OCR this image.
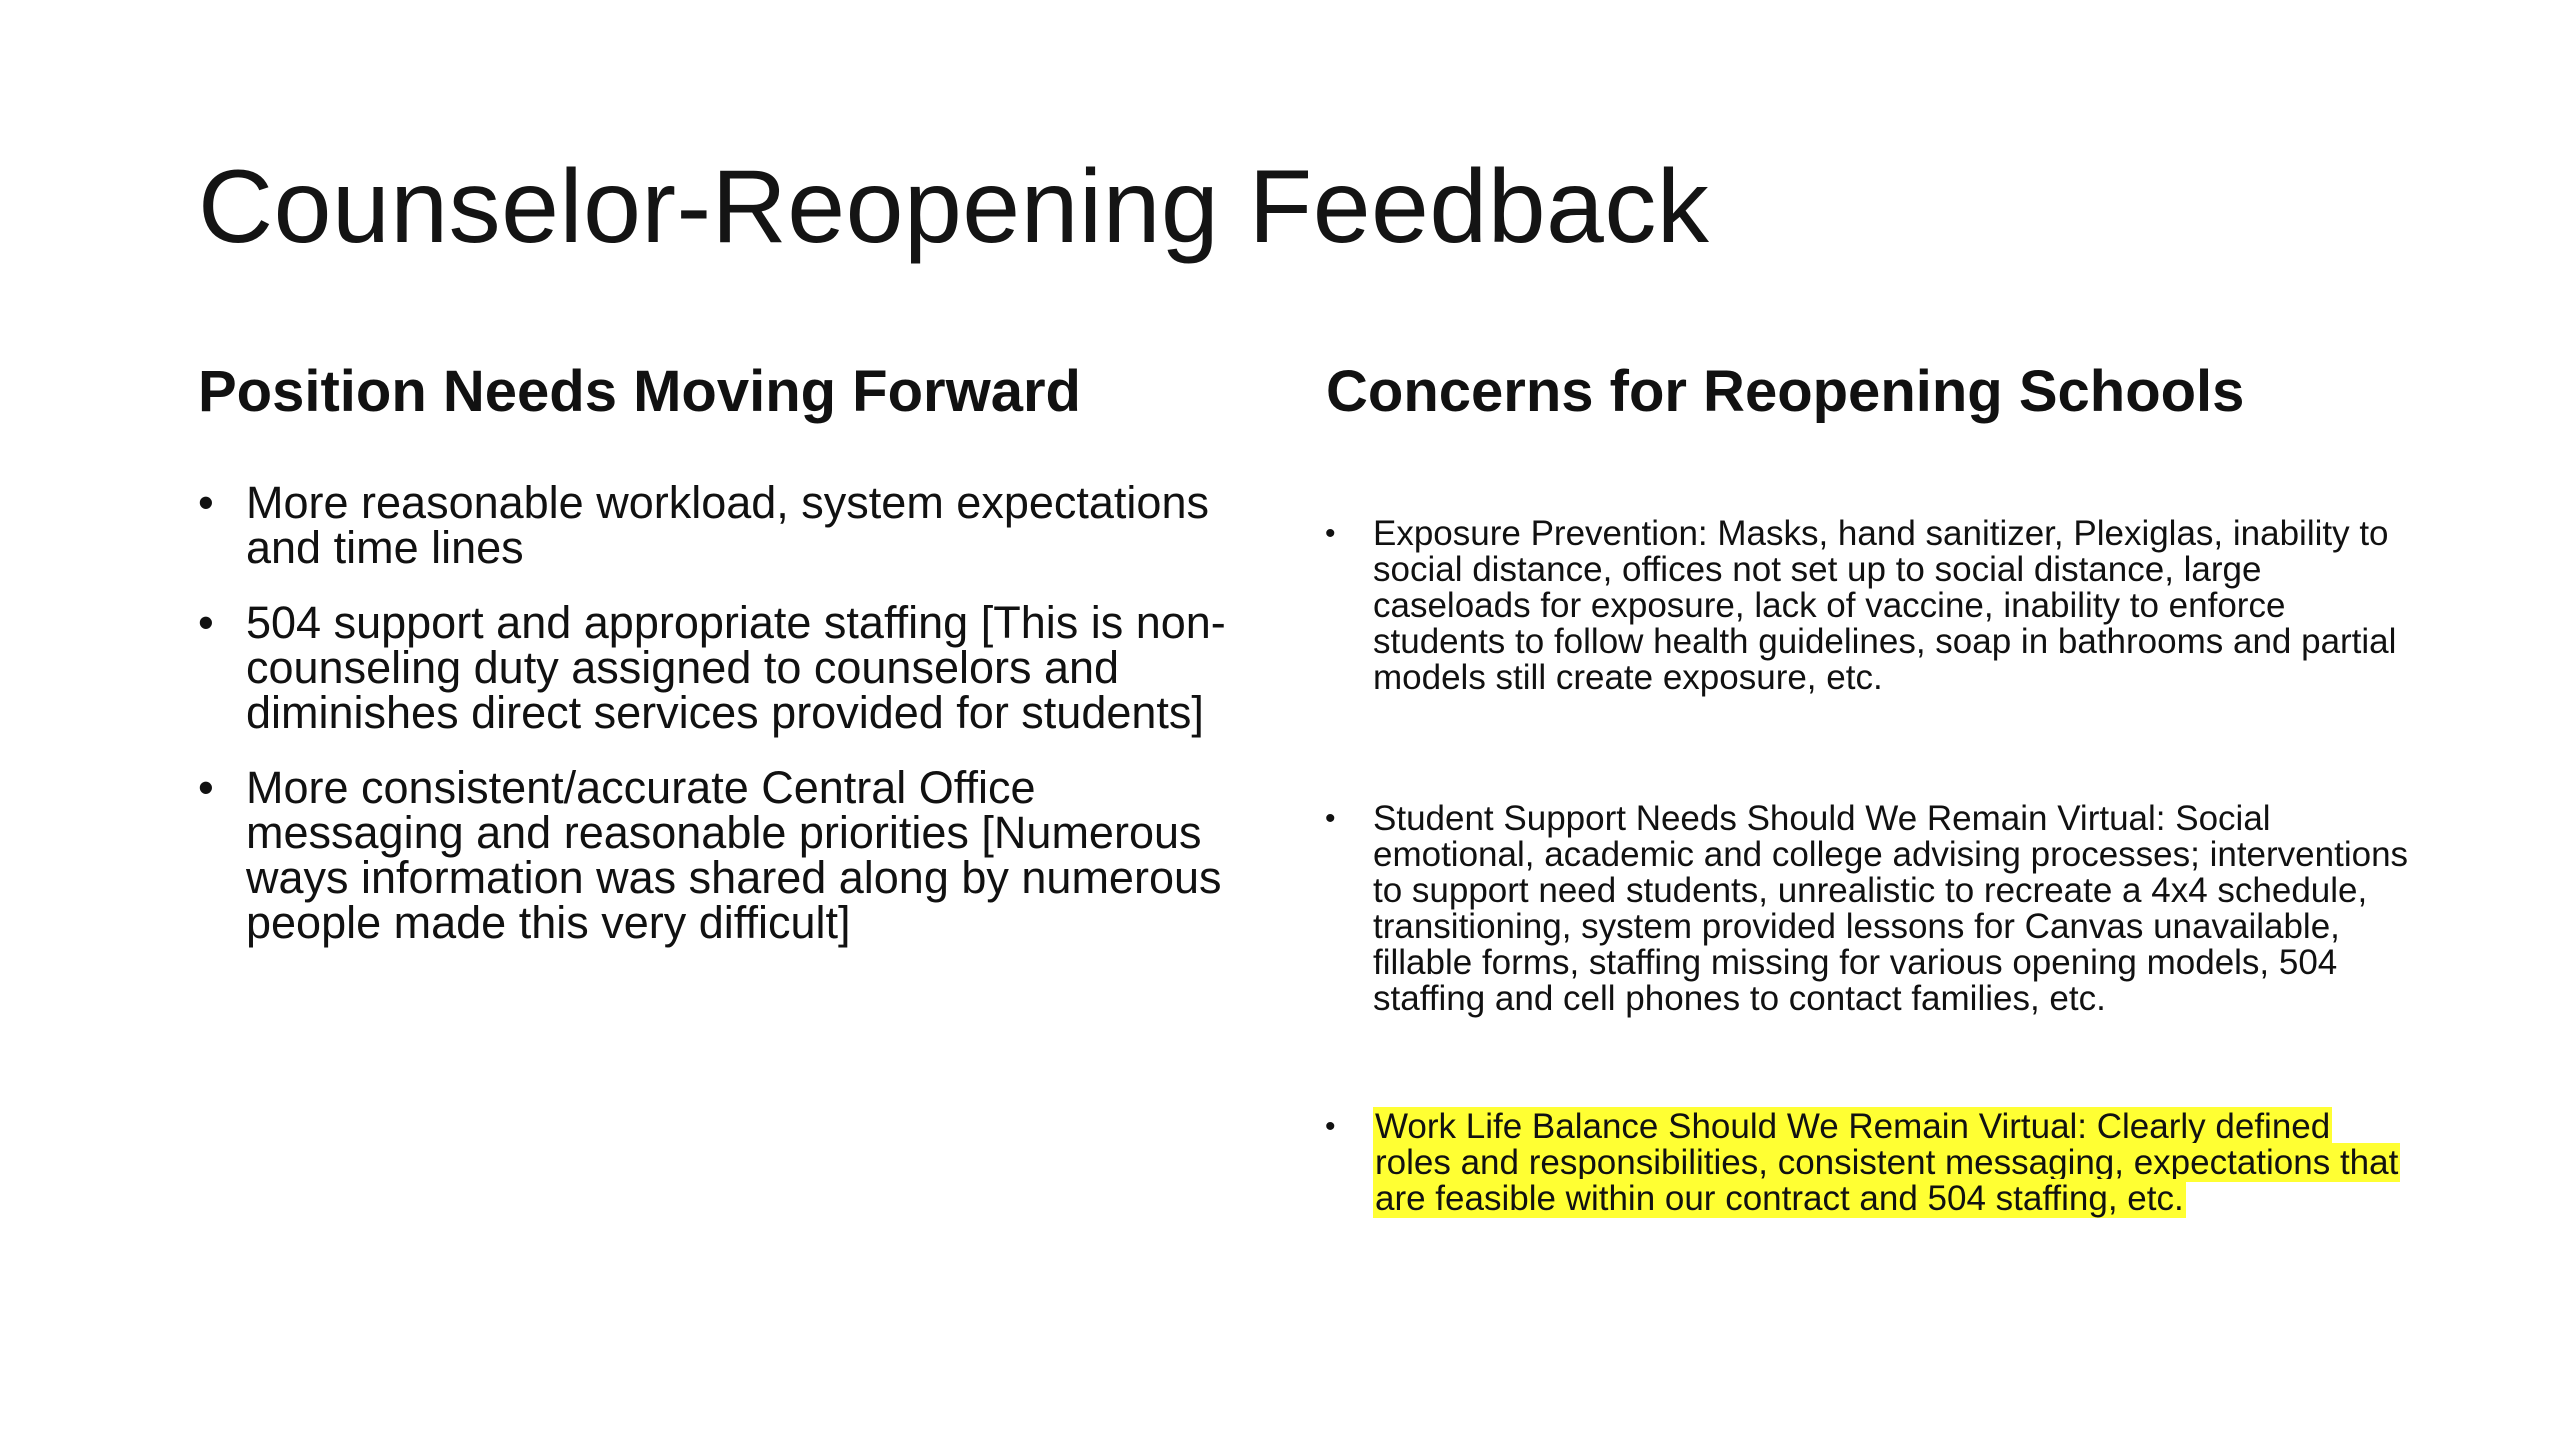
Counselor-Reopening Feedback
Position Needs Moving Forward
• More reasonable workload, system expectations and time lines
• 504 support and appropriate staffing [This is non-counseling duty assigned to counselors and diminishes direct services provided for students]
• More consistent/accurate Central Office messaging and reasonable priorities [Numerous ways information was shared along by numerous people made this very difficult]
Concerns for Reopening Schools
• Exposure Prevention: Masks, hand sanitizer, Plexiglas, inability to social distance, offices not set up to social distance, large caseloads for exposure, lack of vaccine, inability to enforce students to follow health guidelines, soap in bathrooms and partial models still create exposure, etc.
• Student Support Needs Should We Remain Virtual: Social emotional, academic and college advising processes; interventions to support need students, unrealistic to recreate a 4x4 schedule, transitioning, system provided lessons for Canvas unavailable, fillable forms, staffing missing for various opening models, 504 staffing and cell phones to contact families, etc.
• Work Life Balance Should We Remain Virtual: Clearly defined roles and responsibilities, consistent messaging, expectations that are feasible within our contract and 504 staffing, etc.
